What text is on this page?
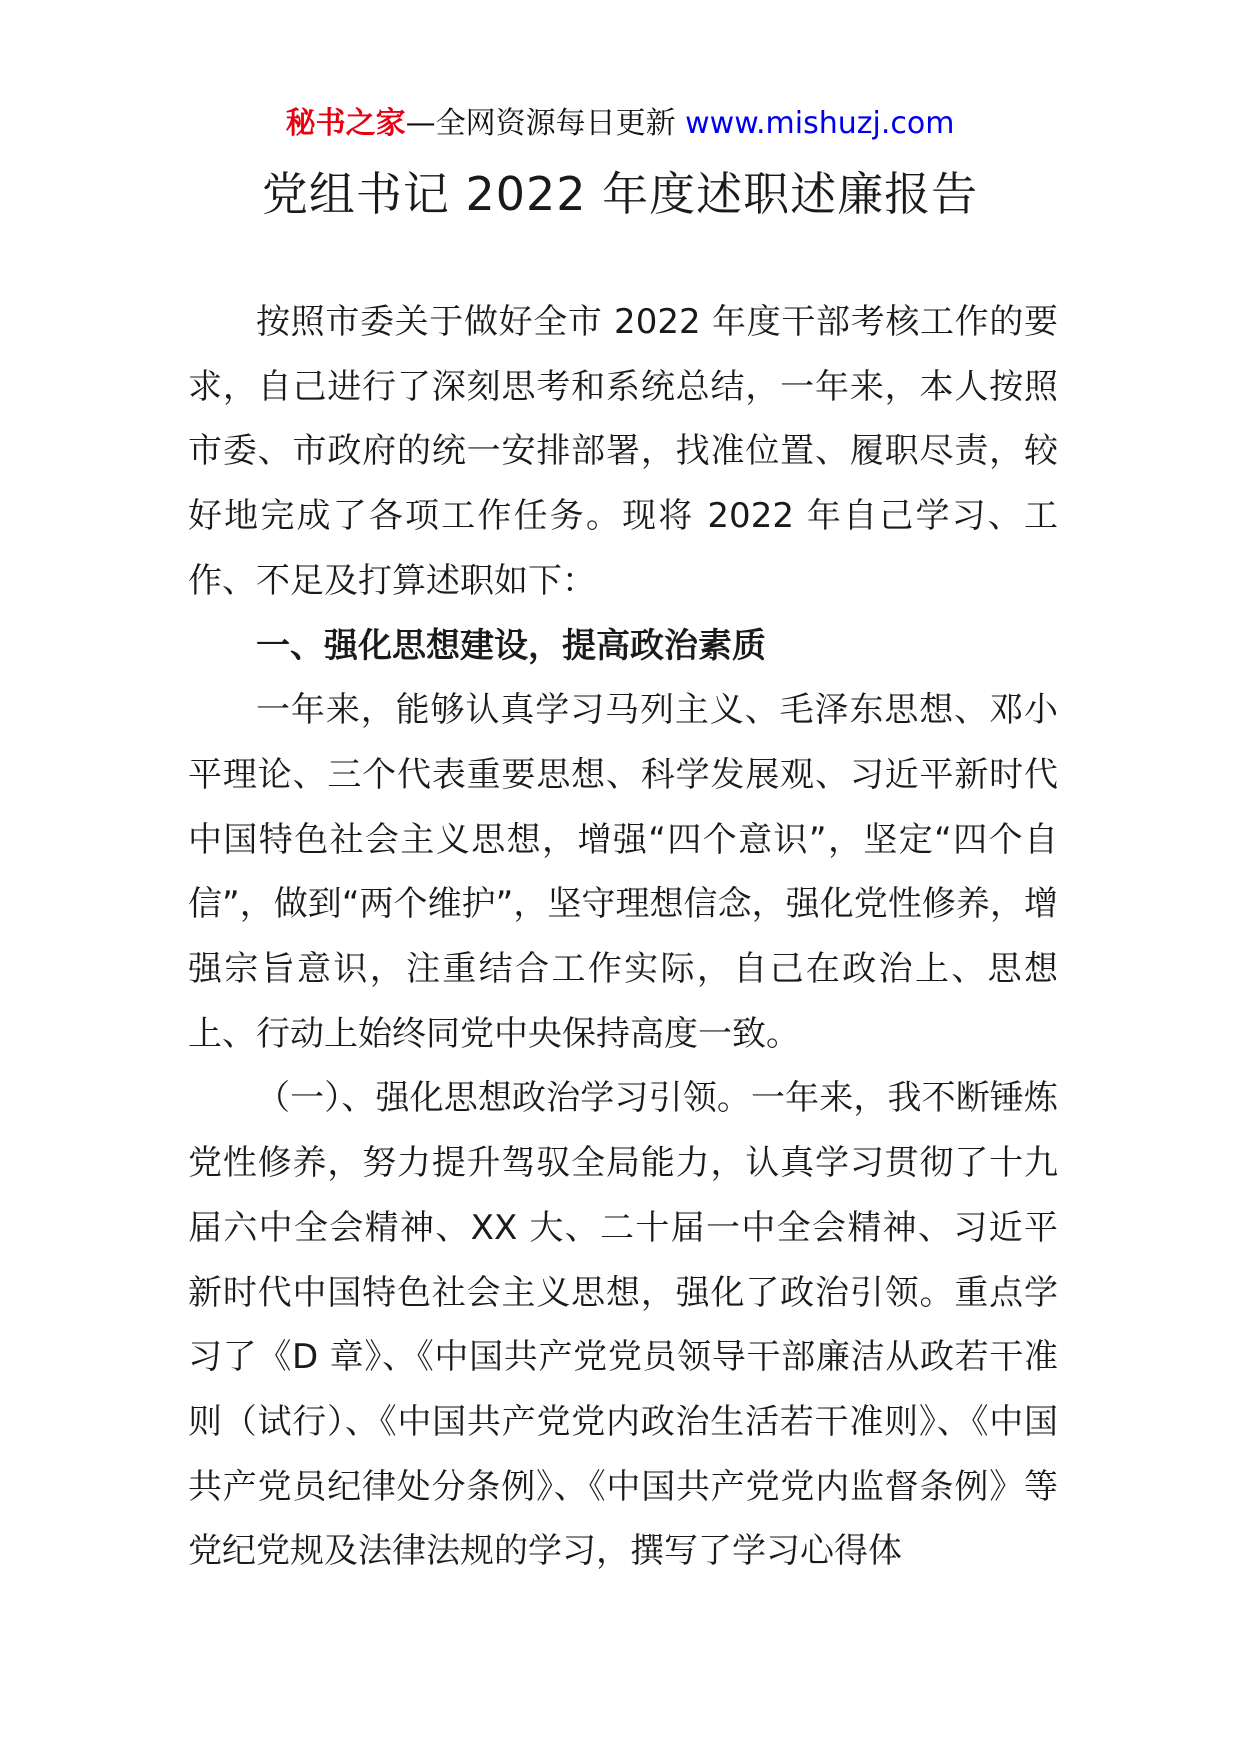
秘书之家—全网资源每日更新 www.mishuzj.com
党组书记 2022 年度述职述廉报告

按照市委关于做好全市 2022 年度干部考核工作的要求，自己进行了深刻思考和系统总结，一年来，本人按照市委、市政府的统一安排部署，找准位置、履职尽责，较好地完成了各项工作任务。现将 2022 年自己学习、工作、不足及打算述职如下：

一、强化思想建设，提高政治素质

一年来，能够认真学习马列主义、毛泽东思想、邓小平理论、三个代表重要思想、科学发展观、习近平新时代中国特色社会主义思想，增强“四个意识”，坚定“四个自信”，做到“两个维护”，坚守理想信念，强化党性修养，增强宗旨意识，注重结合工作实际，自己在政治上、思想上、行动上始终同党中央保持高度一致。

（一）、强化思想政治学习引领。一年来，我不断锤炼党性修养，努力提升驾驭全局能力，认真学习贯彻了十九届六中全会精神、XX 大、二十届一中全会精神、习近平新时代中国特色社会主义思想，强化了政治引领。重点学习了《D 章》、《中国共产党党员领导干部廉洁从政若干准则（试行）、《中国共产党党内政治生活若干准则》、《中国共产党员纪律处分条例》、《中国共产党党内监督条例》等党纪党规及法律法规的学习，撰写了学习心得体
